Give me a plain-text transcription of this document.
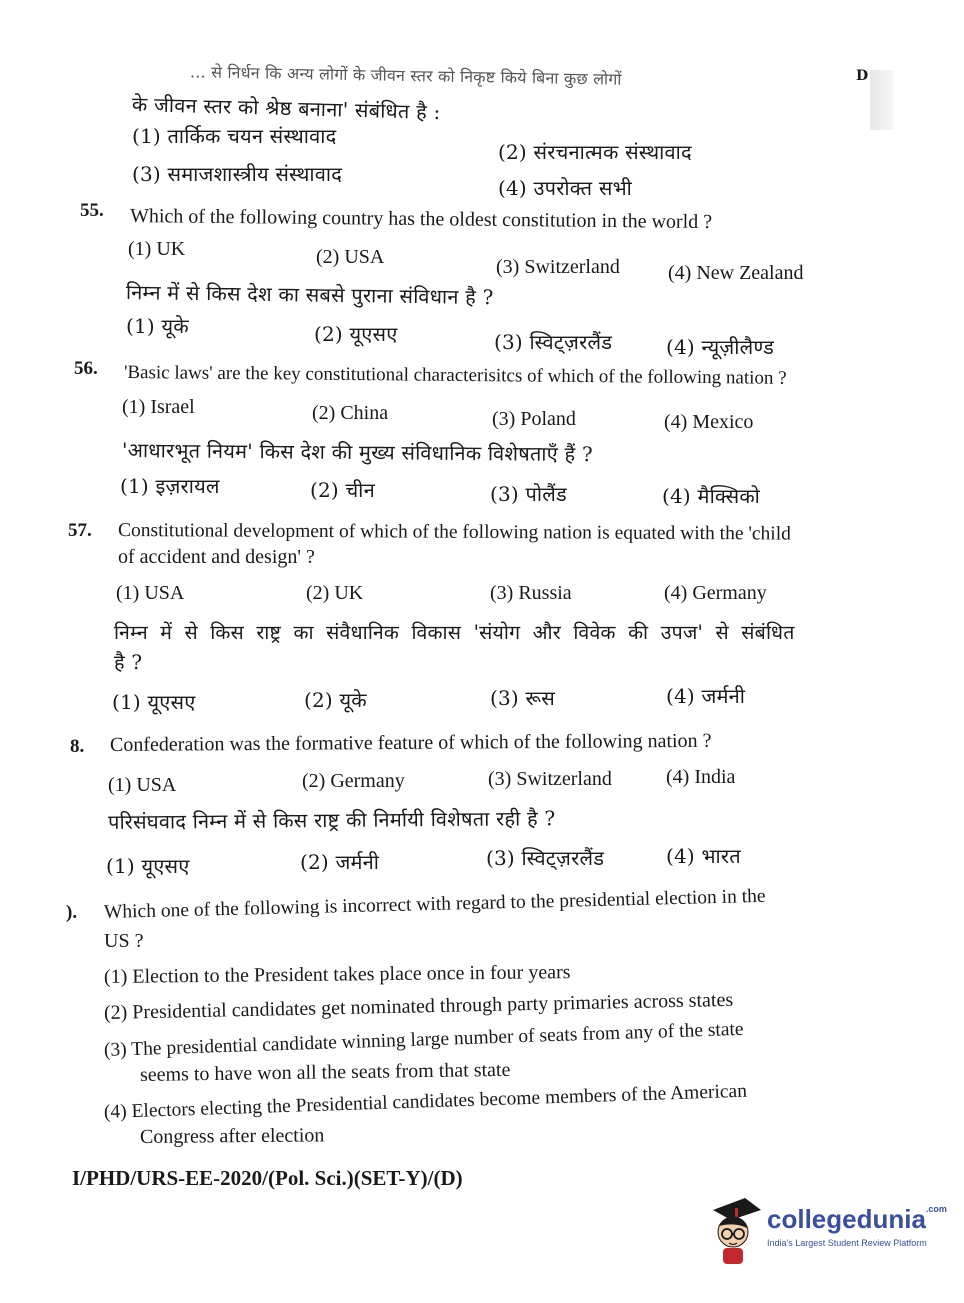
... से निर्धन कि अन्य लोगों के जीवन स्तर को निकृष्ट किये बिना कुछ लोगों	D
के जीवन स्तर को श्रेष्ठ बनाना' संबंधित है :
(1) तार्किक चयन संस्थावाद
(2) संरचनात्मक संस्थावाद
(3) समाजशास्त्रीय संस्थावाद
(4) उपरोक्त सभी
55. Which of the following country has the oldest constitution in the world ?
(1) UK	(2) USA	(3) Switzerland (4) New Zealand
निम्न में से किस देश का सबसे पुराना संविधान है ?
(1) यूके	(2) यूएसए	(3) स्विट्ज़रलैंड	(4) न्यूज़ीलैण्ड
56. 'Basic laws' are the key constitutional characterisitcs of which of the following nation ?
(1) Israel	(2) China	(3) Poland	(4) Mexico
'आधारभूत नियम' किस देश की मुख्य संविधानिक विशेषताएँ हैं ?
(1) इज़रायल	(2) चीन	(3) पोलैंड	(4) मैक्सिको
57. Constitutional development of which of the following nation is equated with the 'child
of accident and design' ?
(1) USA	(2) UK	(3) Russia	(4) Germany
निम्न में से किस राष्ट्र का संवैधानिक विकास 'संयोग और विवेक की उपज' से संबंधित
है ?
(1) यूएसए	(2) यूके	(3) रूस	(4) जर्मनी
8. Confederation was the formative feature of which of the following nation ?
(1) USA	(2) Germany	(3) Switzerland	(4) India
परिसंघवाद निम्न में से किस राष्ट्र की निर्मायी विशेषता रही है ?
(1) यूएसए	(2) जर्मनी	(3) स्विट्ज़रलैंड	(4) भारत
). Which one of the following is incorrect with regard to the presidential election in the
US ?
(1) Election to the President takes place once in four years
(2) Presidential candidates get nominated through party primaries across states
(3) The presidential candidate winning large number of seats from any of the state
seems to have won all the seats from that state
(4) Electors electing the Presidential candidates become members of the American
Congress after election
I/PHD/URS-EE-2020/(Pol. Sci.)(SET-Y)/(D)
collegedunia$^{.com}$
India's Largest Student Review Platform
